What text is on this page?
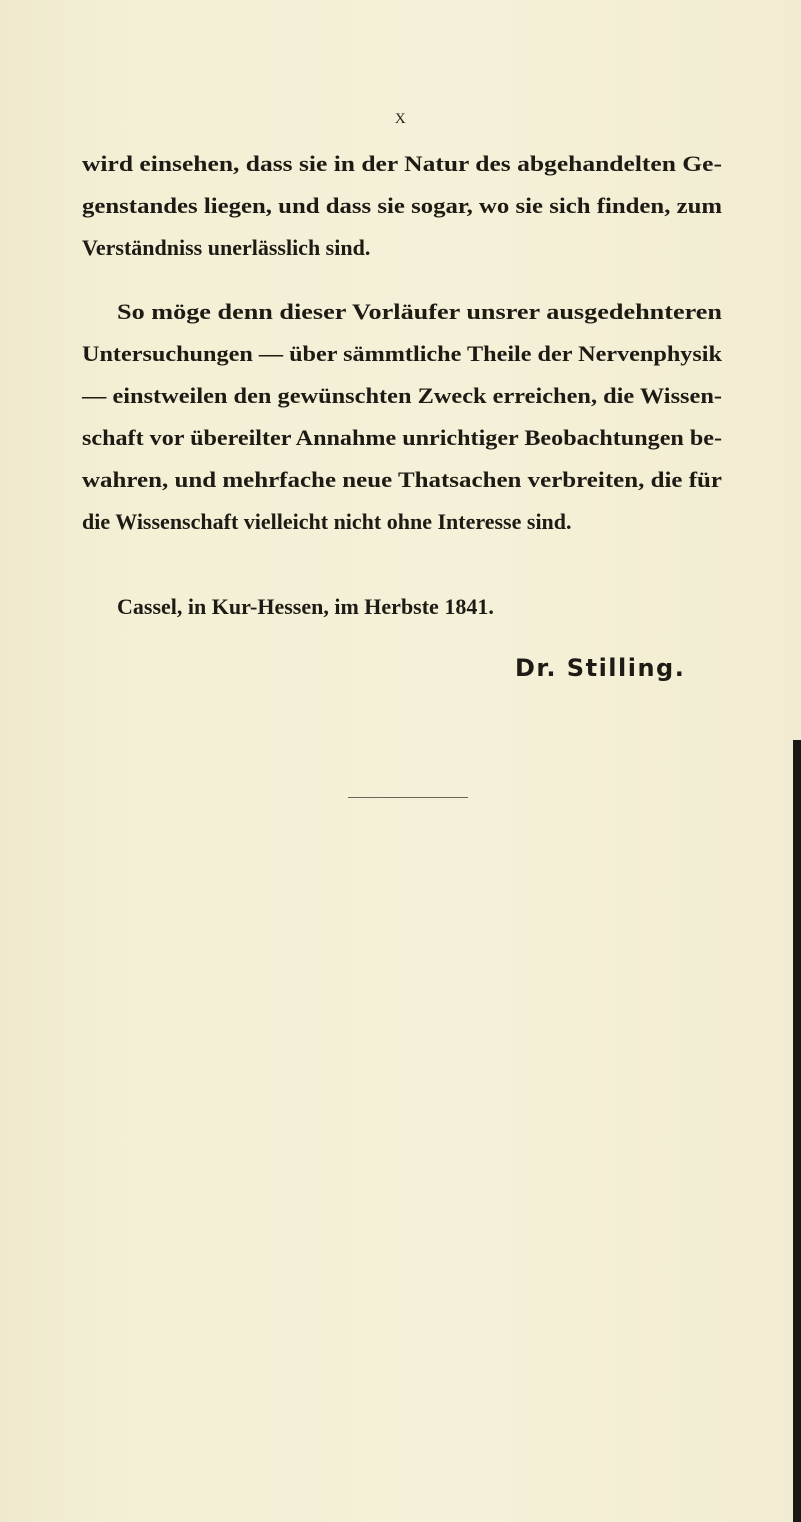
X
wird einsehen, dass sie in der Natur des abgehandelten Ge-
genstandes liegen, und dass sie sogar, wo sie sich finden, zum
Verständniss unerlässlich sind.
So möge denn dieser Vorläufer unsrer ausgedehnteren
Untersuchungen — über sämmtliche Theile der Nervenphysik
— einstweilen den gewünschten Zweck erreichen, die Wissen-
schaft vor übereilter Annahme unrichtiger Beobachtungen be-
wahren, und mehrfache neue Thatsachen verbreiten, die für
die Wissenschaft vielleicht nicht ohne Interesse sind.
Cassel, in Kur-Hessen, im Herbste 1841.
Dr. Stilling.
